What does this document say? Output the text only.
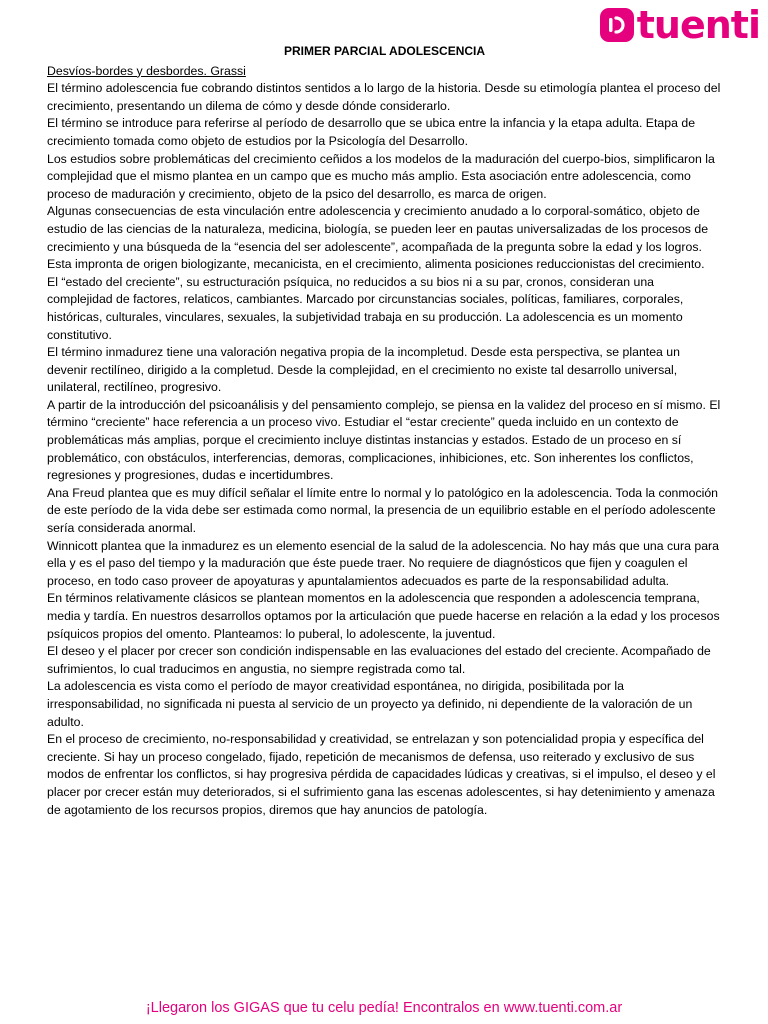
tuenti
PRIMER PARCIAL ADOLESCENCIA
Desvíos-bordes y desbordes. Grassi

El término adolescencia fue cobrando distintos sentidos a lo largo de la historia. Desde su etimología plantea el proceso del crecimiento, presentando un dilema de cómo y desde dónde considerarlo.

El término se introduce para referirse al período de desarrollo que se ubica entre la infancia y la etapa adulta. Etapa de crecimiento tomada como objeto de estudios por la Psicología del Desarrollo.

Los estudios sobre problemáticas del crecimiento ceñidos a los modelos de la maduración del cuerpo-bios, simplificaron la complejidad que el mismo plantea en un campo que es mucho más amplio. Esta asociación entre adolescencia, como proceso de maduración y crecimiento, objeto de la psico del desarrollo, es marca de origen.

Algunas consecuencias de esta vinculación entre adolescencia y crecimiento anudado a lo corporal-somático, objeto de estudio de las ciencias de la naturaleza, medicina, biología, se pueden leer en pautas universalizadas de los procesos de crecimiento y una búsqueda de la “esencia del ser adolescente”, acompañada de la pregunta sobre la edad y los logros. Esta impronta de origen biologizante, mecanicista, en el crecimiento, alimenta posiciones reduccionistas del crecimiento.

El “estado del creciente”, su estructuración psíquica, no reducidos a su bios ni a su par, cronos, consideran una complejidad de factores, relaticos, cambiantes. Marcado por circunstancias sociales, políticas, familiares, corporales, históricas, culturales, vinculares, sexuales, la subjetividad trabaja en su producción. La adolescencia es un momento constitutivo.

El término inmadurez tiene una valoración negativa propia de la incompletud. Desde esta perspectiva, se plantea un devenir rectilíneo, dirigido a la completud. Desde la complejidad, en el crecimiento no existe tal desarrollo universal, unilateral, rectilíneo, progresivo.

A partir de la introducción del psicoanálisis y del pensamiento complejo, se piensa en la validez del proceso en sí mismo. El término “creciente” hace referencia a un proceso vivo. Estudiar el “estar creciente” queda incluido en un contexto de problemáticas más amplias, porque el crecimiento incluye distintas instancias y estados. Estado de un proceso en sí problemático, con obstáculos, interferencias, demoras, complicaciones, inhibiciones, etc. Son inherentes los conflictos, regresiones y progresiones, dudas e incertidumbres.

Ana Freud plantea que es muy difícil señalar el límite entre lo normal y lo patológico en la adolescencia. Toda la conmoción de este período de la vida debe ser estimada como normal, la presencia de un equilibrio estable en el período adolescente sería considerada anormal.

Winnicott plantea que la inmadurez es un elemento esencial de la salud de la adolescencia. No hay más que una cura para ella y es el paso del tiempo y la maduración que éste puede traer. No requiere de diagnósticos que fijen y coagulen el proceso, en todo caso proveer de apoyaturas y apuntalamientos adecuados es parte de la responsabilidad adulta.

En términos relativamente clásicos se plantean momentos en la adolescencia que responden a adolescencia temprana, media y tardía. En nuestros desarrollos optamos por la articulación que puede hacerse en relación a la edad y los procesos psíquicos propios del omento. Planteamos: lo puberal, lo adolescente, la juventud.

El deseo y el placer por crecer son condición indispensable en las evaluaciones del estado del creciente. Acompañado de sufrimientos, lo cual traducimos en angustia, no siempre registrada como tal.

La adolescencia es vista como el período de mayor creatividad espontánea, no dirigida, posibilitada por la irresponsabilidad, no significada ni puesta al servicio de un proyecto ya definido, ni dependiente de la valoración de un adulto.

En el proceso de crecimiento, no-responsabilidad y creatividad, se entrelazan y son potencialidad propia y específica del creciente. Si hay un proceso congelado, fijado, repetición de mecanismos de defensa, uso reiterado y exclusivo de sus modos de enfrentar los conflictos, si hay progresiva pérdida de capacidades lúdicas y creativas, si el impulso, el deseo y el placer por crecer están muy deteriorados, si el sufrimiento gana las escenas adolescentes, si hay detenimiento y amenaza de agotamiento de los recursos propios, diremos que hay anuncios de patología.

¡Llegaron los GIGAS que tu celu pedía! Encontralos en www.tuenti.com.ar
